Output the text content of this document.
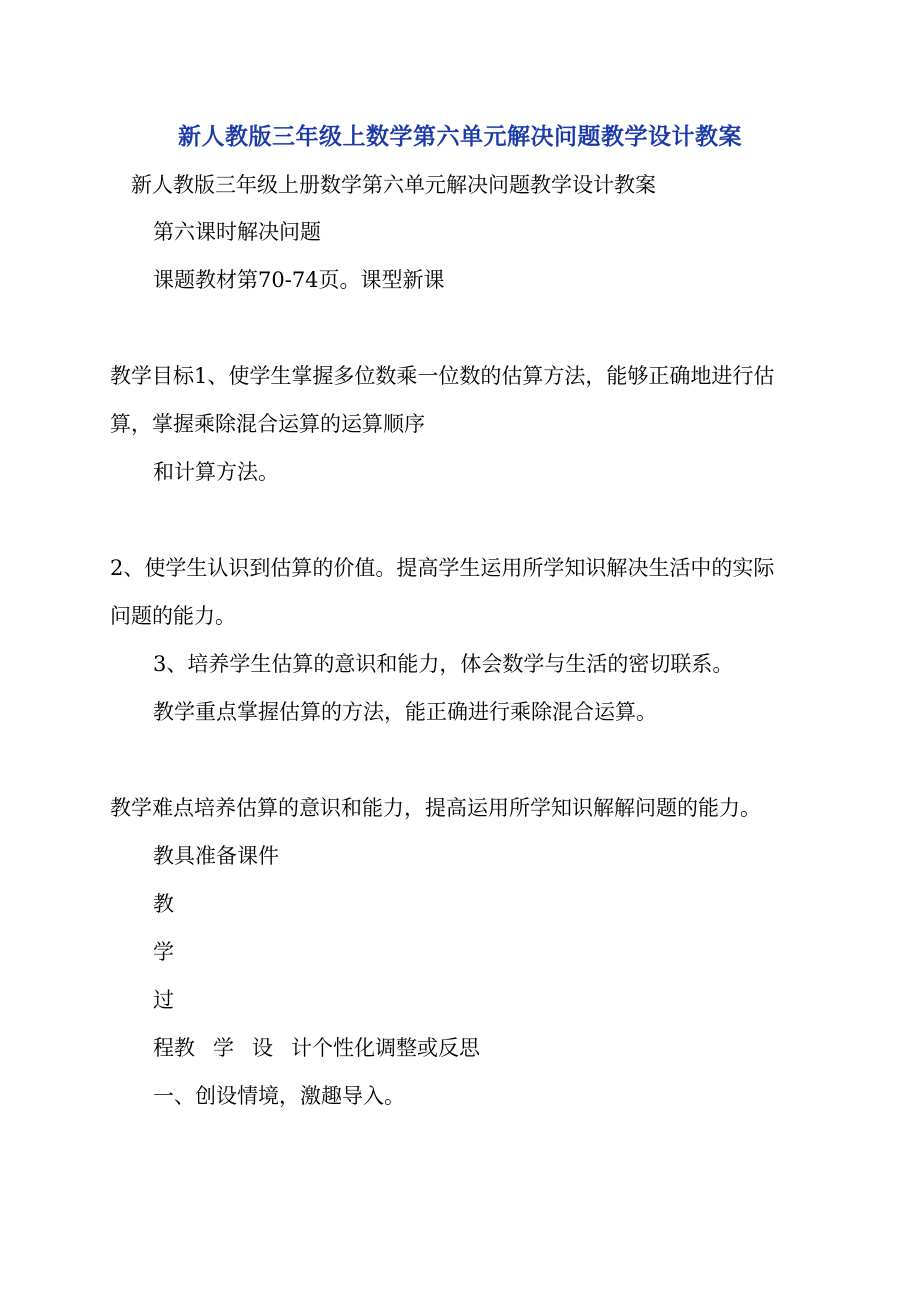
新人教版三年级上数学第六单元解决问题教学设计教案
新人教版三年级上册数学第六单元解决问题教学设计教案
第六课时解决问题
课题教材第70-74页。课型新课
教学目标1、使学生掌握多位数乘一位数的估算方法，能够正确地进行估
算，掌握乘除混合运算的运算顺序
和计算方法。
2、使学生认识到估算的价值。提高学生运用所学知识解决生活中的实际
问题的能力。
3、培养学生估算的意识和能力，体会数学与生活的密切联系。
教学重点掌握估算的方法，能正确进行乘除混合运算。
教学难点培养估算的意识和能力，提高运用所学知识解解问题的能力。
教具准备课件
教
学
过
程教 学 设 计个性化调整或反思
一、创设情境，激趣导入。
